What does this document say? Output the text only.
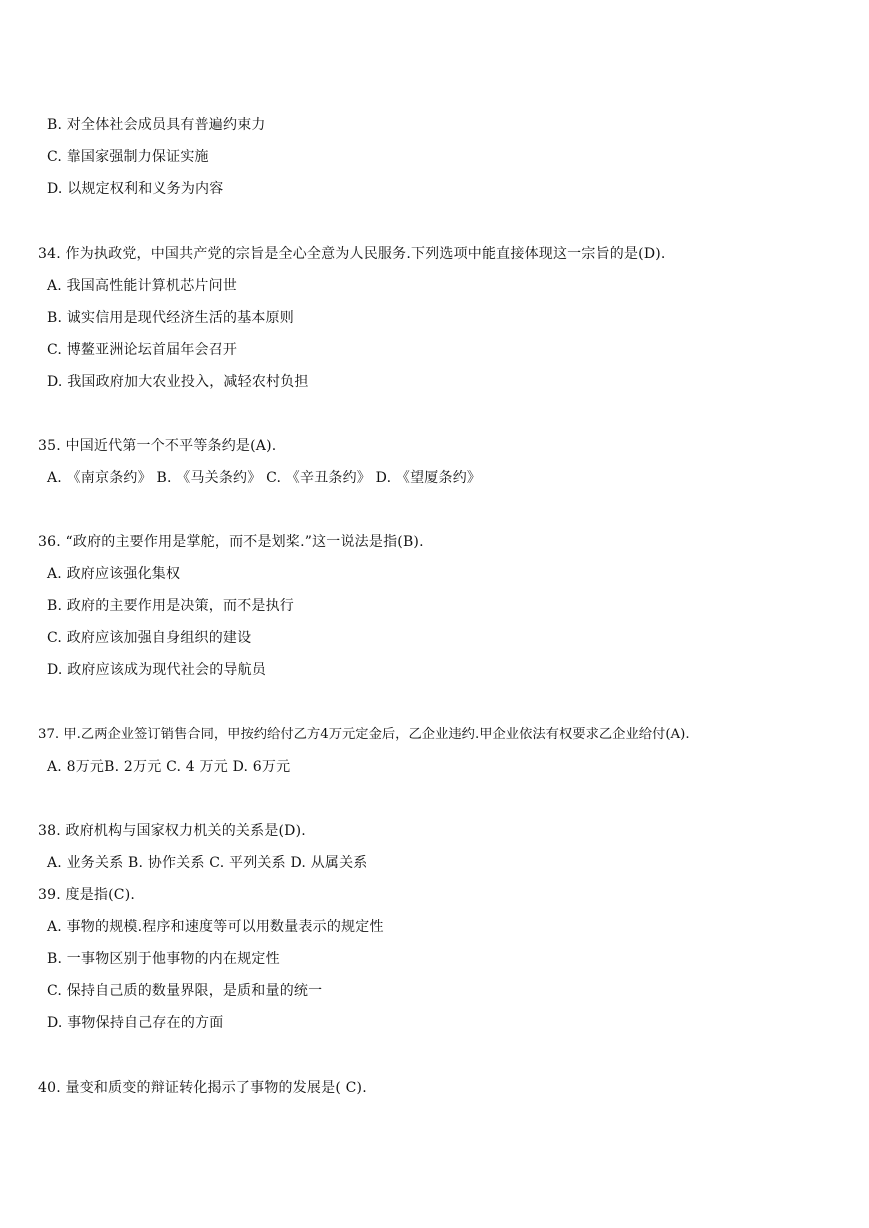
B. 对全体社会成员具有普遍约束力
C. 靠国家强制力保证实施
D. 以规定权利和义务为内容
34. 作为执政党，中国共产党的宗旨是全心全意为人民服务.下列选项中能直接体现这一宗旨的是(D).
A. 我国高性能计算机芯片问世
B. 诚实信用是现代经济生活的基本原则
C. 博鳌亚洲论坛首届年会召开
D. 我国政府加大农业投入，减轻农村负担
35. 中国近代第一个不平等条约是(A).
A. 《南京条约》 B. 《马关条约》 C. 《辛丑条约》 D. 《望厦条约》
36. “政府的主要作用是掌舵，而不是划桨.”这一说法是指(B).
A. 政府应该强化集权
B. 政府的主要作用是决策，而不是执行
C. 政府应该加强自身组织的建设
D. 政府应该成为现代社会的导航员
37. 甲.乙两企业签订销售合同，甲按约给付乙方4万元定金后，乙企业违约.甲企业依法有权要求乙企业给付(A).
A. 8万元B. 2万元 C. 4 万元 D. 6万元
38. 政府机构与国家权力机关的关系是(D).
A. 业务关系 B. 协作关系 C. 平列关系 D. 从属关系
39. 度是指(C).
A. 事物的规模.程序和速度等可以用数量表示的规定性
B. 一事物区别于他事物的内在规定性
C. 保持自己质的数量界限，是质和量的统一
D. 事物保持自己存在的方面
40. 量变和质变的辩证转化揭示了事物的发展是( C).
